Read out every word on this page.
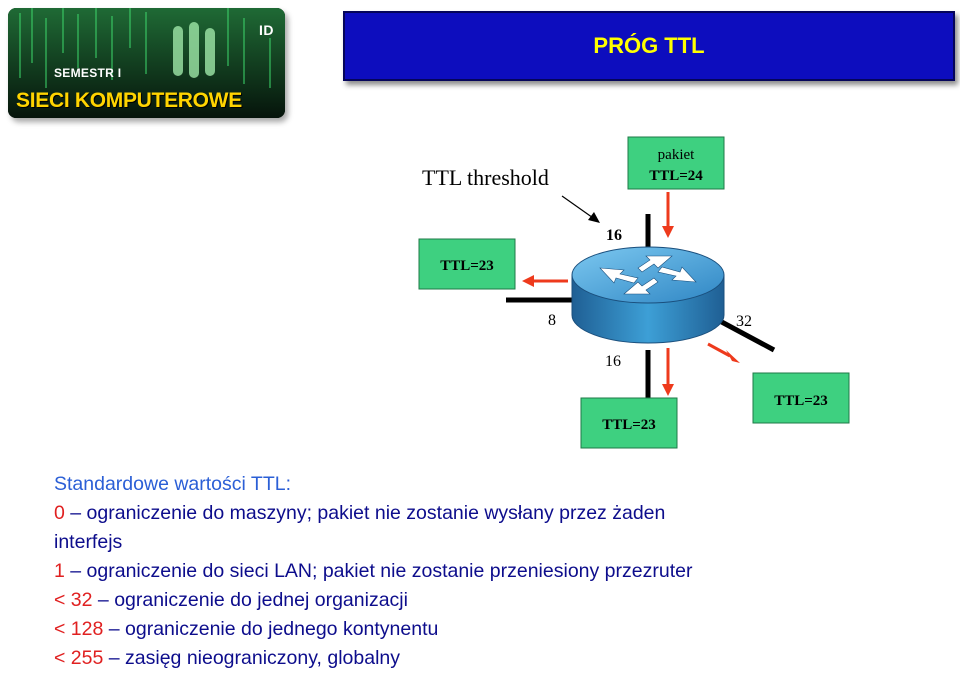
ID
SEMESTR I
SIECI KOMPUTEROWE
PRÓG TTL
TTL threshold
pakiet
TTL=24
16
8	32
16
TTL=23
TTL=23
TTL=23
Standardowe wartości TTL:
0 – ograniczenie do maszyny; pakiet nie zostanie wysłany przez żaden
interfejs
1 – ograniczenie do sieci LAN; pakiet nie zostanie przeniesiony przezruter
< 32 – ograniczenie do jednej organizacji
< 128 – ograniczenie do jednego kontynentu
< 255 – zasięg nieograniczony, globalny
